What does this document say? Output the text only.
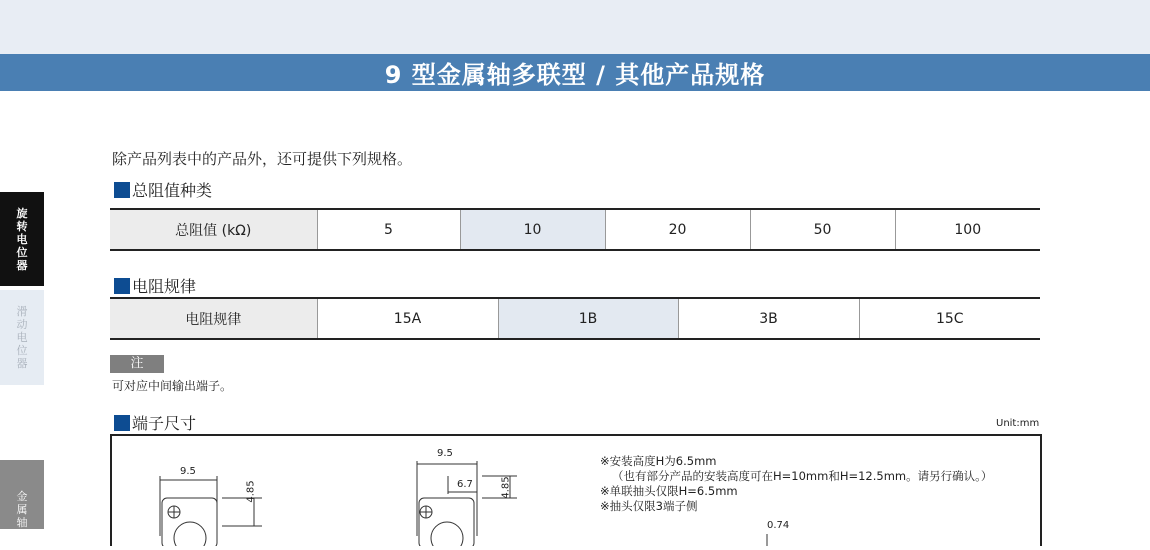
9 型金属轴多联型 / 其他产品规格
旋转电位器
滑动电位器
金属轴
除产品列表中的产品外，还可提供下列规格。
总阻值种类
总阻值 (kΩ)	5	10	20	50	100
电阻规律
电阻规律	15A	1B	3B	15C
注
可对应中间输出端子。
端子尺寸	Unit:mm
9.5
4.85
9.5
6.7	4.85
0.74
※安装高度H为6.5mm
（也有部分产品的安装高度可在H=10mm和H=12.5mm。请另行确认。）
※单联抽头仅限H=6.5mm
※抽头仅限3端子侧
